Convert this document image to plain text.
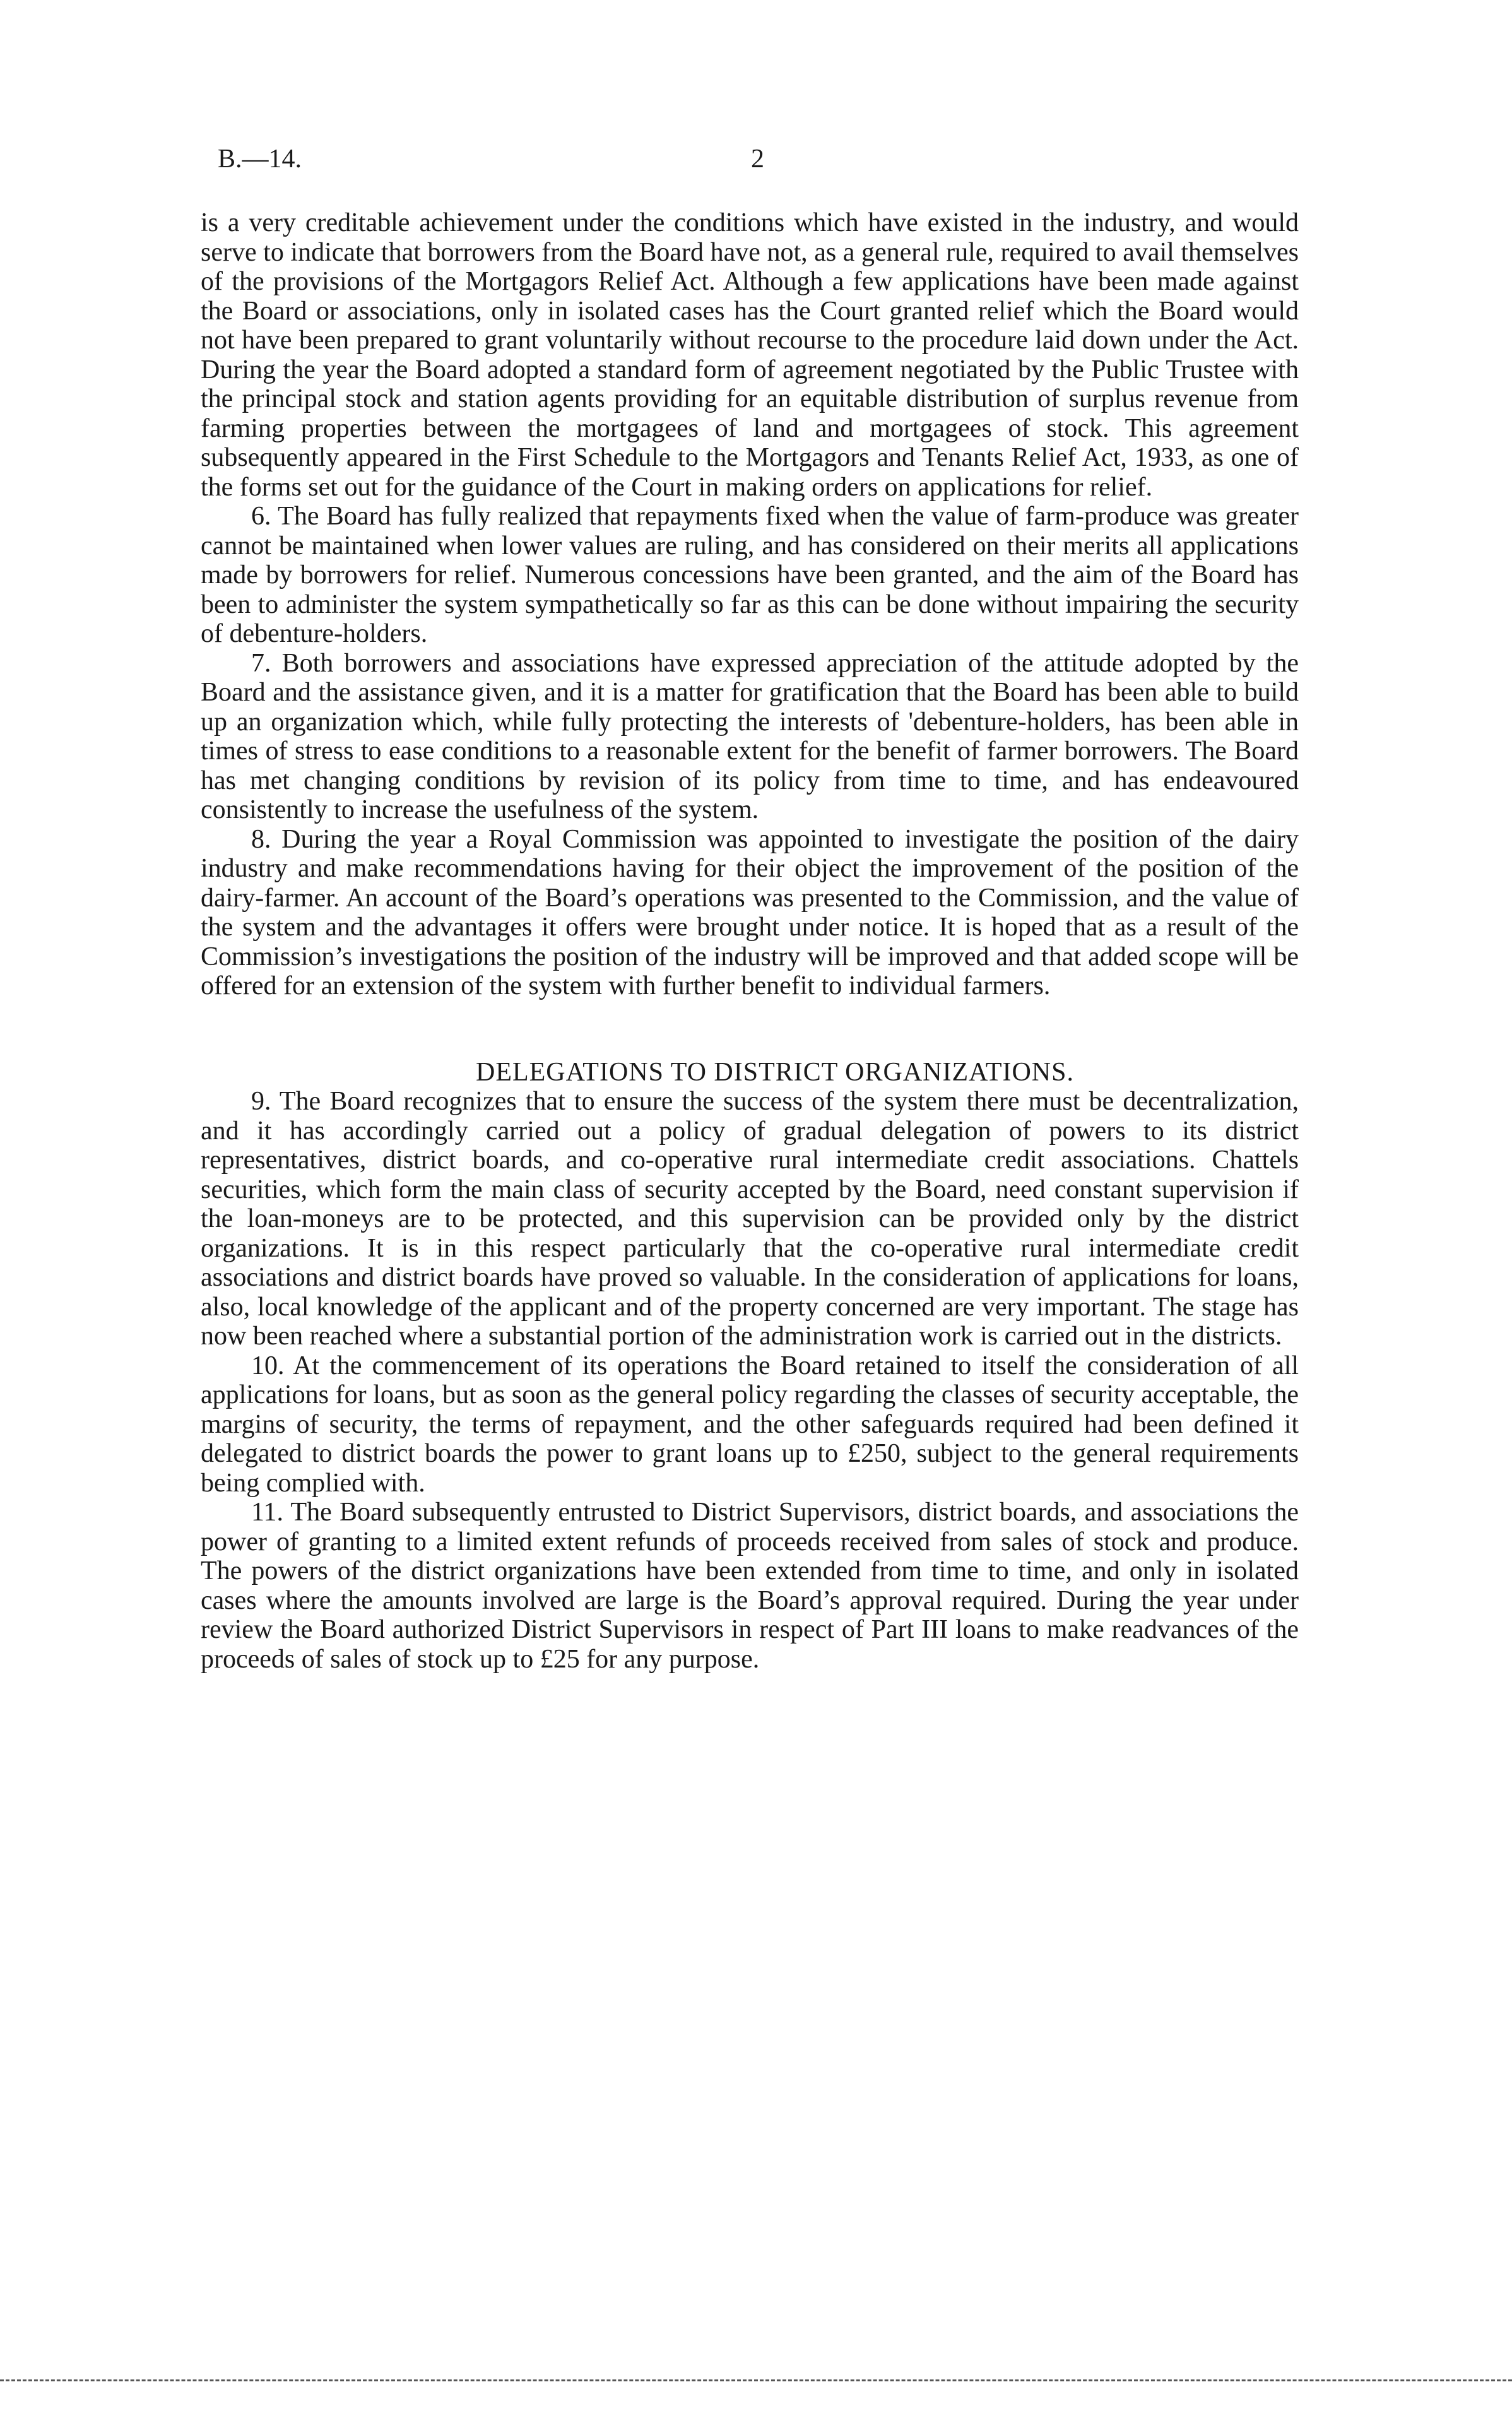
B.—14.	2

is a very creditable achievement under the conditions which have existed in the industry, and would serve to indicate that borrowers from the Board have not, as a general rule, required to avail themselves of the provisions of the Mortgagors Relief Act. Although a few applications have been made against the Board or associations, only in isolated cases has the Court granted relief which the Board would not have been prepared to grant voluntarily without recourse to the procedure laid down under the Act. During the year the Board adopted a standard form of agreement negotiated by the Public Trustee with the principal stock and station agents providing for an equitable distribution of surplus revenue from farming properties between the mortgagees of land and mortgagees of stock. This agreement subsequently appeared in the First Schedule to the Mortgagors and Tenants Relief Act, 1933, as one of the forms set out for the guidance of the Court in making orders on applications for relief.

6. The Board has fully realized that repayments fixed when the value of farm-produce was greater cannot be maintained when lower values are ruling, and has considered on their merits all applications made by borrowers for relief. Numerous concessions have been granted, and the aim of the Board has been to administer the system sympathetically so far as this can be done without impairing the security of debenture-holders.

7. Both borrowers and associations have expressed appreciation of the attitude adopted by the Board and the assistance given, and it is a matter for gratification that the Board has been able to build up an organization which, while fully protecting the interests of 'debenture-holders, has been able in times of stress to ease conditions to a reasonable extent for the benefit of farmer borrowers. The Board has met changing conditions by revision of its policy from time to time, and has endeavoured consistently to increase the usefulness of the system.

8. During the year a Royal Commission was appointed to investigate the position of the dairy industry and make recommendations having for their object the improvement of the position of the dairy-farmer. An account of the Board’s operations was presented to the Commission, and the value of the system and the advantages it offers were brought under notice. It is hoped that as a result of the Commission’s investigations the position of the industry will be improved and that added scope will be offered for an extension of the system with further benefit to individual farmers.

DELEGATIONS TO DISTRICT ORGANIZATIONS.

9. The Board recognizes that to ensure the success of the system there must be decentralization, and it has accordingly carried out a policy of gradual delegation of powers to its district representatives, district boards, and co-operative rural intermediate credit associations. Chattels securities, which form the main class of security accepted by the Board, need constant supervision if the loan-moneys are to be protected, and this supervision can be provided only by the district organizations. It is in this respect particularly that the co-operative rural intermediate credit associations and district boards have proved so valuable. In the consideration of applications for loans, also, local knowledge of the applicant and of the property concerned are very important. The stage has now been reached where a substantial portion of the administration work is carried out in the districts.

10. At the commencement of its operations the Board retained to itself the consideration of all applications for loans, but as soon as the general policy regarding the classes of security acceptable, the margins of security, the terms of repayment, and the other safeguards required had been defined it delegated to district boards the power to grant loans up to £250, subject to the general requirements being complied with.

11. The Board subsequently entrusted to District Supervisors, district boards, and associations the power of granting to a limited extent refunds of proceeds received from sales of stock and produce. The powers of the district organizations have been extended from time to time, and only in isolated cases where the amounts involved are large is the Board’s approval required. During the year under review the Board authorized District Supervisors in respect of Part III loans to make readvances of the proceeds of sales of stock up to £25 for any purpose.
